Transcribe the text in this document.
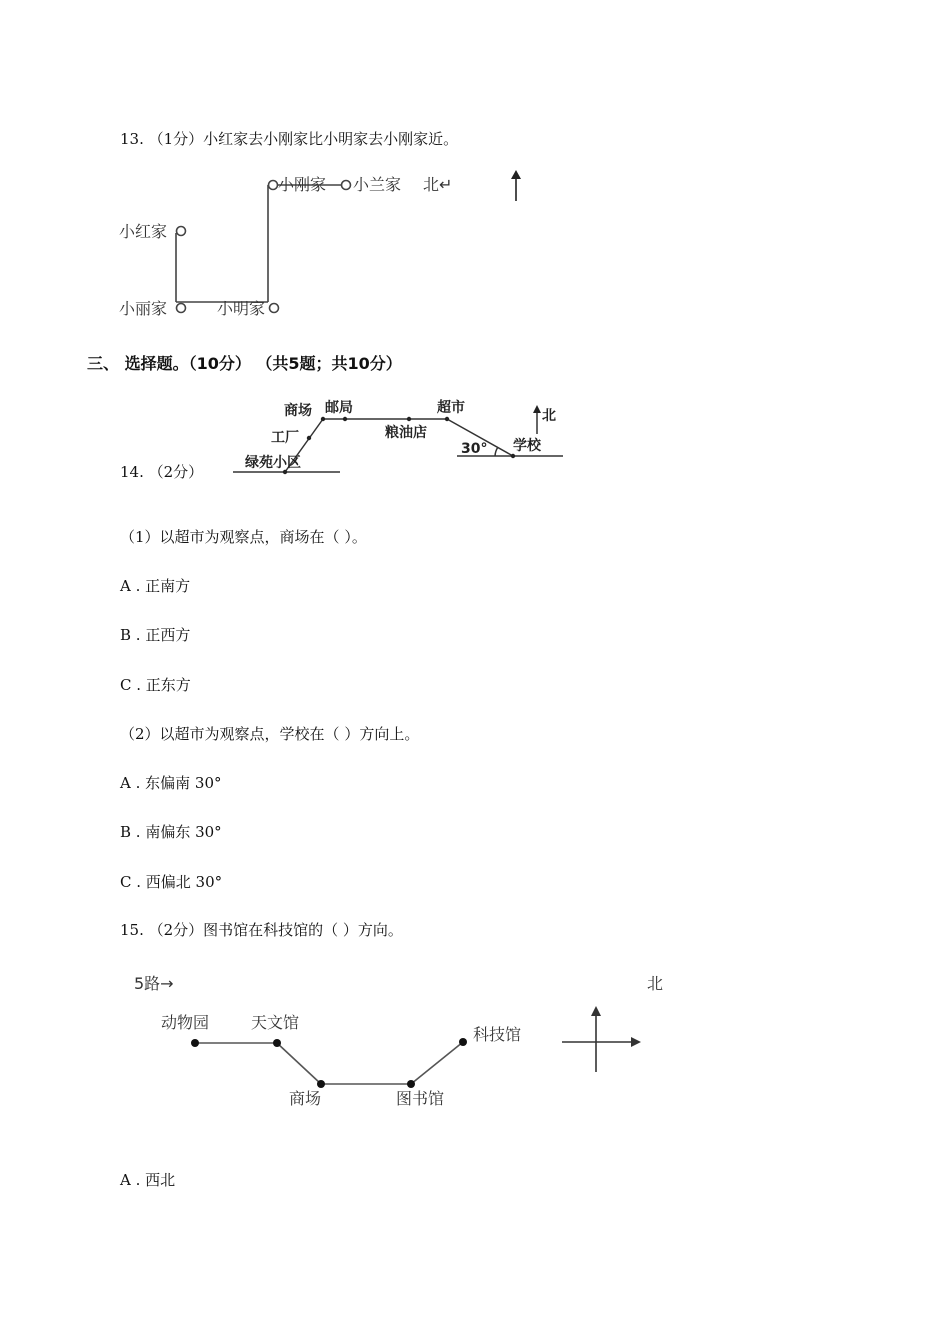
13. （1分）小红家去小刚家比小明家去小刚家近。
小刚家 小兰家 北↵
小红家
小丽家	小明家
三、 选择题。（10分） （共5题；共10分）
14. （2分）
商场 邮局	超市	北
工厂	粮油店
30° 学校
绿苑小区
（1）以超市为观察点，商场在（ ）。
A . 正南方
B . 正西方
C . 正东方
（2）以超市为观察点，学校在（ ）方向上。
A . 东偏南 30°
B . 南偏东 30°
C . 西偏北 30°
15. （2分）图书馆在科技馆的（ ）方向。
5路→	北
动物园	天文馆
科技馆
商场	图书馆
A . 西北
